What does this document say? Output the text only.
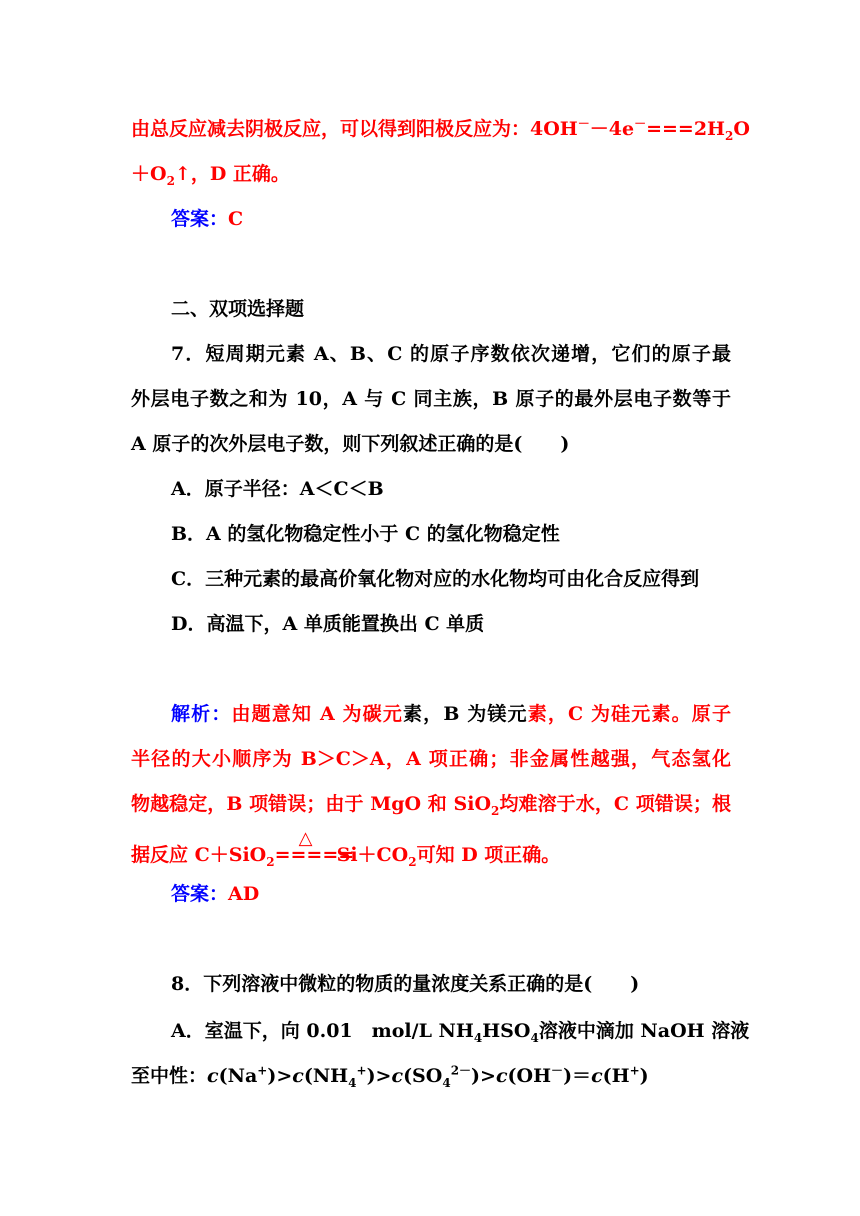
由总反应减去阴极反应，可以得到阳极反应为：$4OH^--4e^-===2H_2O$
$+O_2↑$，D 正确。
答案：C
二、双项选择题
7．短周期元素 A、B、C 的原子序数依次递增，它们的原子最
外层电子数之和为 10，A 与 C 同主族，B 原子的最外层电子数等于
A 原子的次外层电子数，则下列叙述正确的是(　　)
A．原子半径：A＜C＜B
B．A 的氢化物稳定性小于 C 的氢化物稳定性
C．三种元素的最高价氧化物对应的水化物均可由化合反应得到
D．高温下，A 单质能置换出 C 单质
解析：由题意知 A 为碳元素，B 为镁元素，C 为硅元素。原子
半径的大小顺序为 B＞C＞A，A 项正确；非金属性越强，气态氢化
物越稳定，B 项错误；由于 MgO 和 SiO$_2$均难溶于水，C 项错误；根
据反应 C＋SiO$_2$
△
$=====Si+CO_2$可知 D 项正确。
答案：AD
8．下列溶液中微粒的物质的量浓度关系正确的是(　　)
A．室温下，向 0.01　mol/L $NH_4HSO_4$溶液中滴加 NaOH 溶液
至中性：$c(Na^+)>c(NH_4^+)>c(SO_4^{2-})>c(OH^-)=c(H^+)$
